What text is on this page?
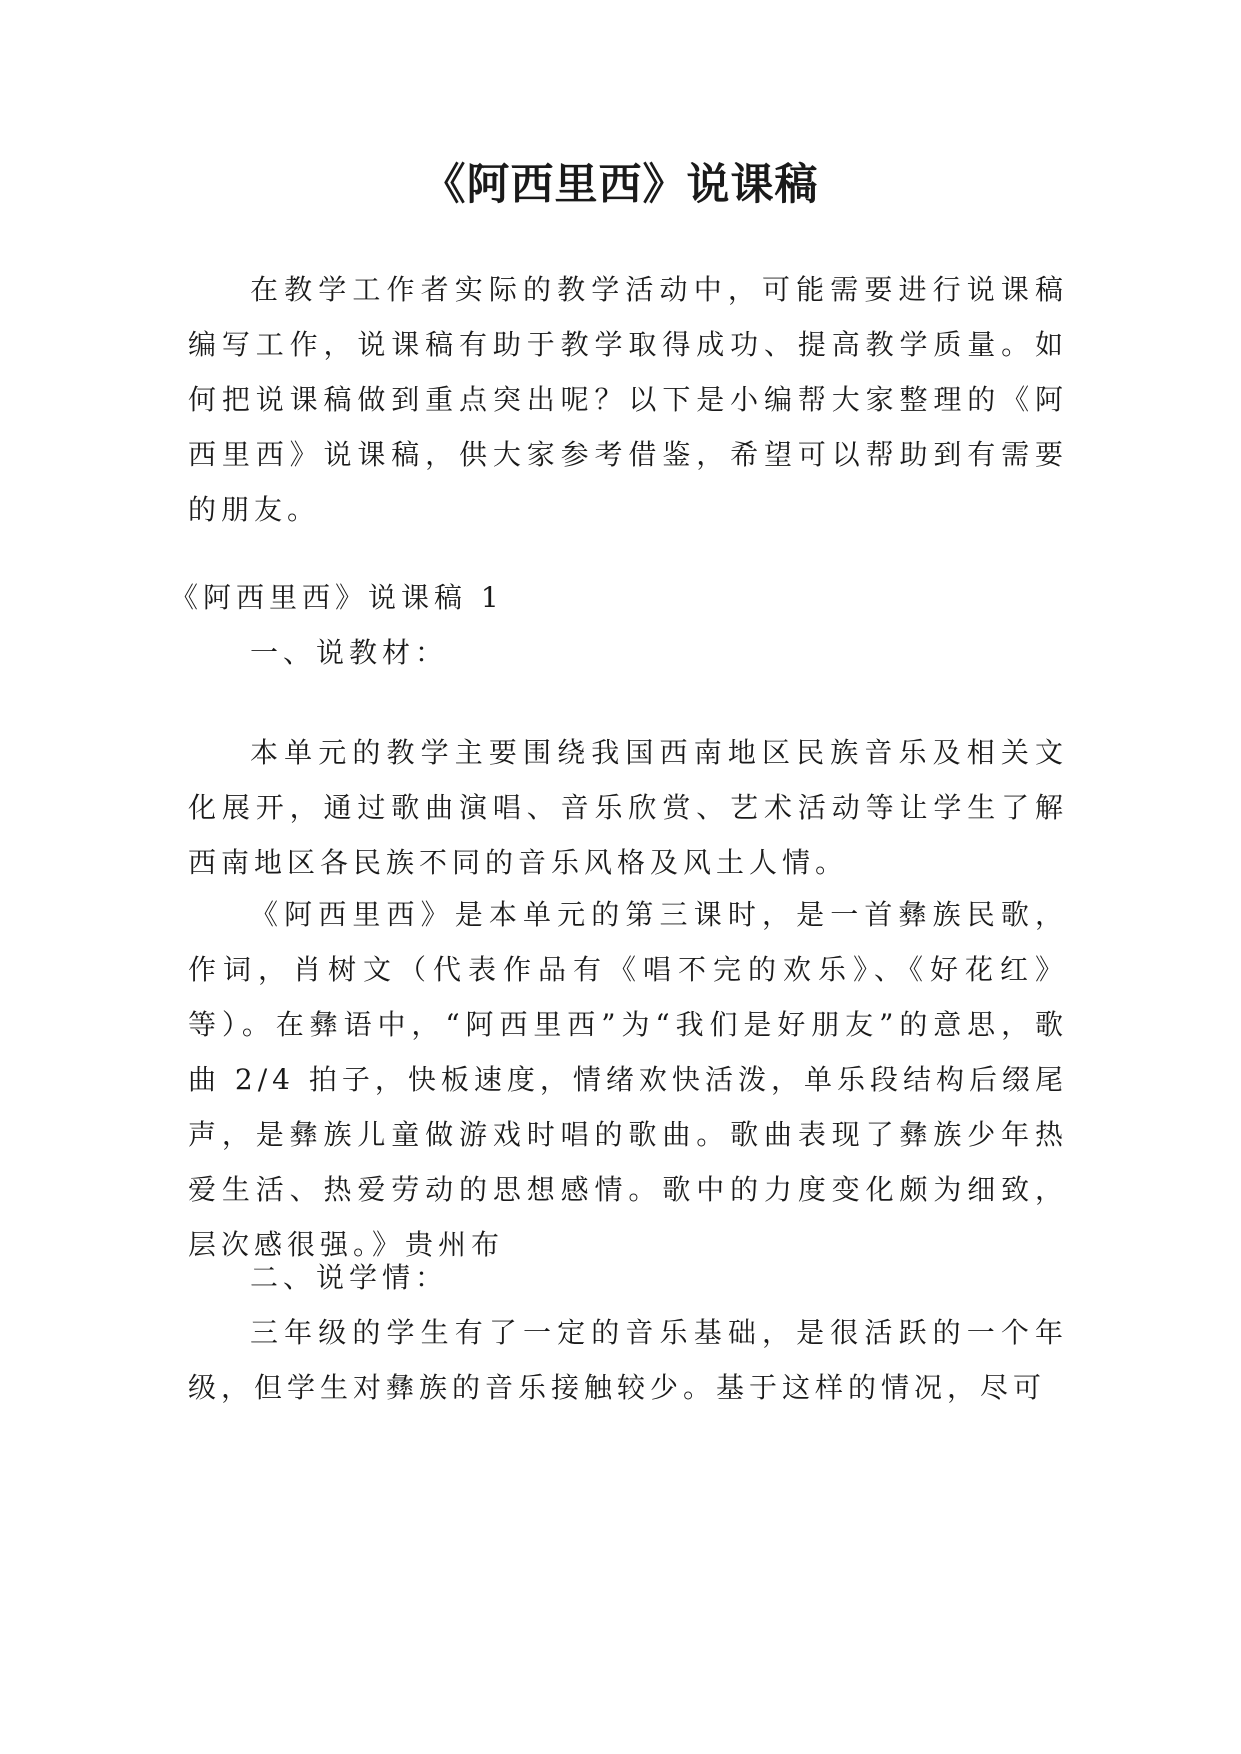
《阿西里西》说课稿

在教学工作者实际的教学活动中，可能需要进行说课稿编写工作，说课稿有助于教学取得成功、提高教学质量。如何把说课稿做到重点突出呢？以下是小编帮大家整理的《阿西里西》说课稿，供大家参考借鉴，希望可以帮助到有需要的朋友。

《阿西里西》说课稿 1
一、说教材：

本单元的教学主要围绕我国西南地区民族音乐及相关文化展开，通过歌曲演唱、音乐欣赏、艺术活动等让学生了解西南地区各民族不同的音乐风格及风土人情。

《阿西里西》是本单元的第三课时，是一首彝族民歌，作词，肖树文（代表作品有《唱不完的欢乐》、《好花红》等）。在彝语中，“阿西里西”为“我们是好朋友”的意思，歌曲 2/4 拍子，快板速度，情绪欢快活泼，单乐段结构后缀尾声，是彝族儿童做游戏时唱的歌曲。歌曲表现了彝族少年热爱生活、热爱劳动的思想感情。歌中的力度变化颇为细致，层次感很强。》贵州布

二、说学情：

三年级的学生有了一定的音乐基础，是很活跃的一个年级，但学生对彝族的音乐接触较少。基于这样的情况，尽可
